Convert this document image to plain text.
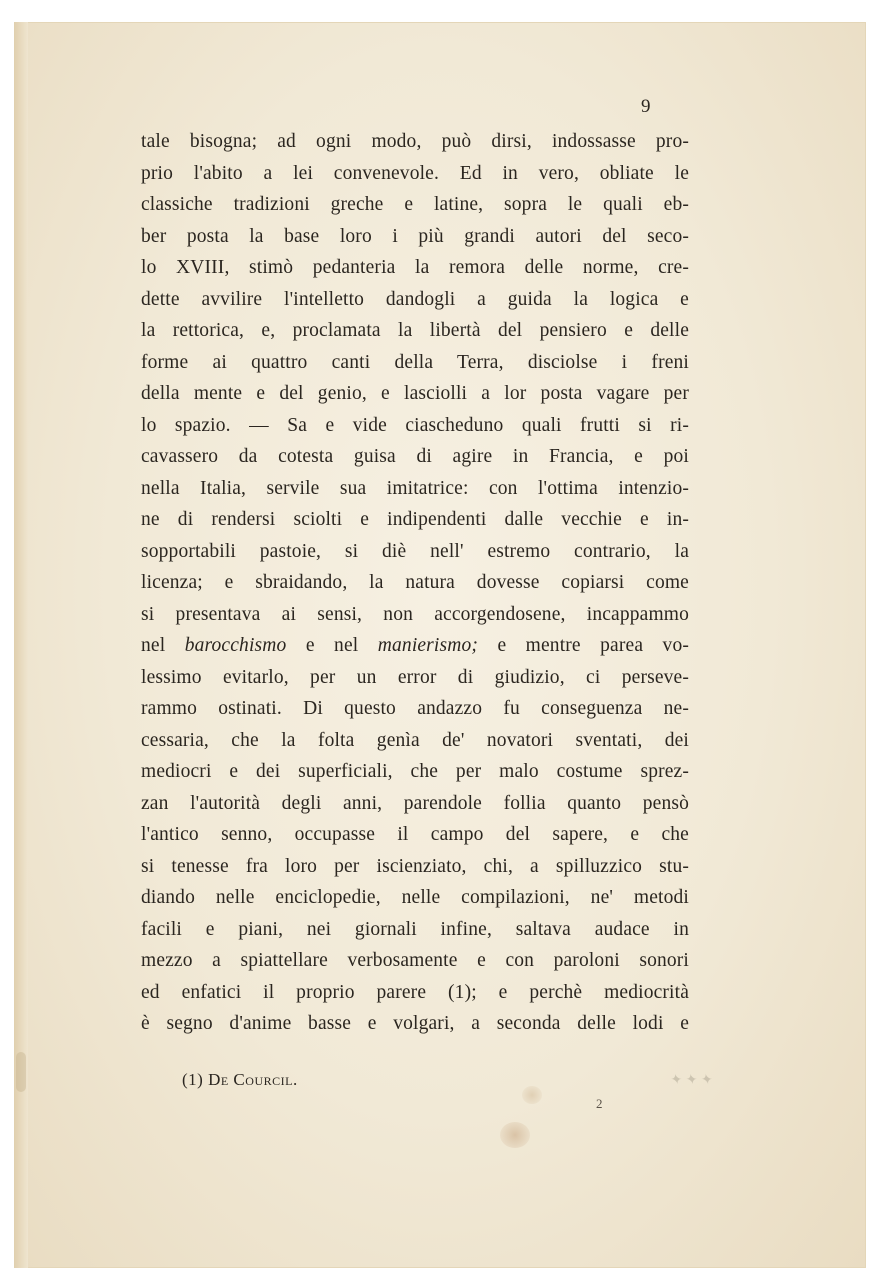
9
tale bisogna; ad ogni modo, può dirsi, indossasse pro-
prio l'abito a lei convenevole. Ed in vero, obliate le
classiche tradizioni greche e latine, sopra le quali eb-
ber posta la base loro i più grandi autori del seco-
lo XVIII, stimò pedanteria la remora delle norme, cre-
dette avvilire l'intelletto dandogli a guida la logica e
la rettorica, e, proclamata la libertà del pensiero e delle
forme ai quattro canti della Terra, disciolse i freni
della mente e del genio, e lasciolli a lor posta vagare per
lo spazio. — Sa e vide ciascheduno quali frutti si ri-
cavassero da cotesta guisa di agire in Francia, e poi
nella Italia, servile sua imitatrice: con l'ottima intenzio-
ne di rendersi sciolti e indipendenti dalle vecchie e in-
sopportabili pastoie, si diè nell' estremo contrario, la
licenza; e sbraidando, la natura dovesse copiarsi come
si presentava ai sensi, non accorgendosene, incappammo
nel barocchismo e nel manierismo; e mentre parea vo-
lessimo evitarlo, per un error di giudizio, ci perseve-
rammo ostinati. Di questo andazzo fu conseguenza ne-
cessaria, che la folta genìa de' novatori sventati, dei
mediocri e dei superficiali, che per malo costume sprez-
zan l'autorità degli anni, parendole follia quanto pensò
l'antico senno, occupasse il campo del sapere, e che
si tenesse fra loro per iscienziato, chi, a spilluzzico stu-
diando nelle enciclopedie, nelle compilazioni, ne' metodi
facili e piani, nei giornali infine, saltava audace in
mezzo a spiattellare verbosamente e con paroloni sonori
ed enfatici il proprio parere (1); e perchè mediocrità
è segno d'anime basse e volgari, a seconda delle lodi e
✦ ✦ ✦
(1) De Courcil.
2
